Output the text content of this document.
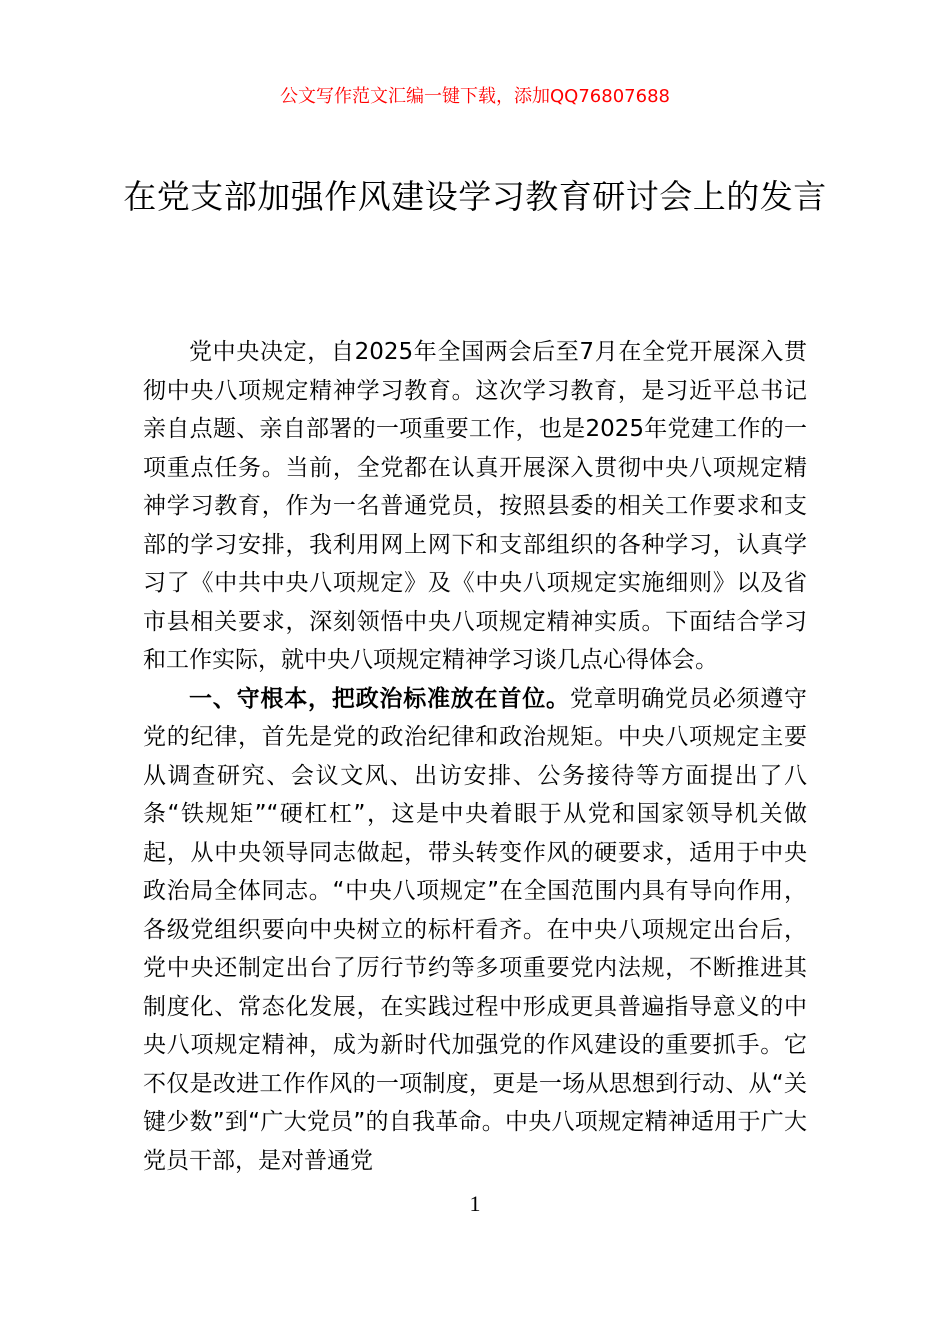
公文写作范文汇编一键下载，添加QQ76807688
在党支部加强作风建设学习教育研讨会上的发言

党中央决定，自2025年全国两会后至7月在全党开展深入贯彻中央八项规定精神学习教育。这次学习教育，是习近平总书记亲自点题、亲自部署的一项重要工作，也是2025年党建工作的一项重点任务。当前，全党都在认真开展深入贯彻中央八项规定精神学习教育，作为一名普通党员，按照县委的相关工作要求和支部的学习安排，我利用网上网下和支部组织的各种学习，认真学习了《中共中央八项规定》及《中央八项规定实施细则》以及省市县相关要求，深刻领悟中央八项规定精神实质。下面结合学习和工作实际，就中央八项规定精神学习谈几点心得体会。

一、守根本，把政治标准放在首位。党章明确党员必须遵守党的纪律，首先是党的政治纪律和政治规矩。中央八项规定主要从调查研究、会议文风、出访安排、公务接待等方面提出了八条“铁规矩”“硬杠杠”，这是中央着眼于从党和国家领导机关做起，从中央领导同志做起，带头转变作风的硬要求，适用于中央政治局全体同志。“中央八项规定”在全国范围内具有导向作用，各级党组织要向中央树立的标杆看齐。在中央八项规定出台后，党中央还制定出台了厉行节约等多项重要党内法规，不断推进其制度化、常态化发展，在实践过程中形成更具普遍指导意义的中央八项规定精神，成为新时代加强党的作风建设的重要抓手。它不仅是改进工作作风的一项制度，更是一场从思想到行动、从“关键少数”到“广大党员”的自我革命。中央八项规定精神适用于广大党员干部，是对普通党

1
